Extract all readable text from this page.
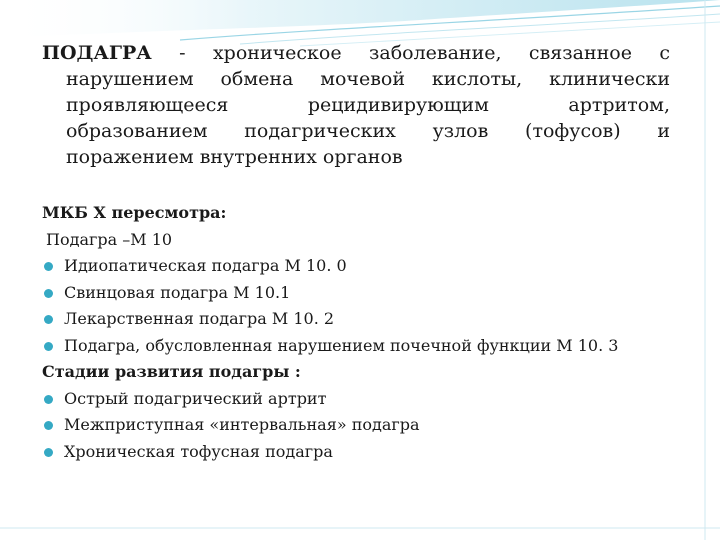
ПОДАГРА - хроническое заболевание, связанное с
нарушением обмена мочевой кислоты, клинически
проявляющееся рецидивирующим артритом,
образованием подагрических узлов (тофусов) и
поражением внутренних органов
МКБ X пересмотра:
Подагра –М 10
Идиопатическая подагра М 10. 0
Свинцовая подагра М 10.1
Лекарственная подагра М 10. 2
Подагра, обусловленная нарушением почечной функции М 10. 3
Стадии развития подагры :
Острый подагрический артрит
Межприступная «интервальная» подагра
Хроническая тофусная подагра
